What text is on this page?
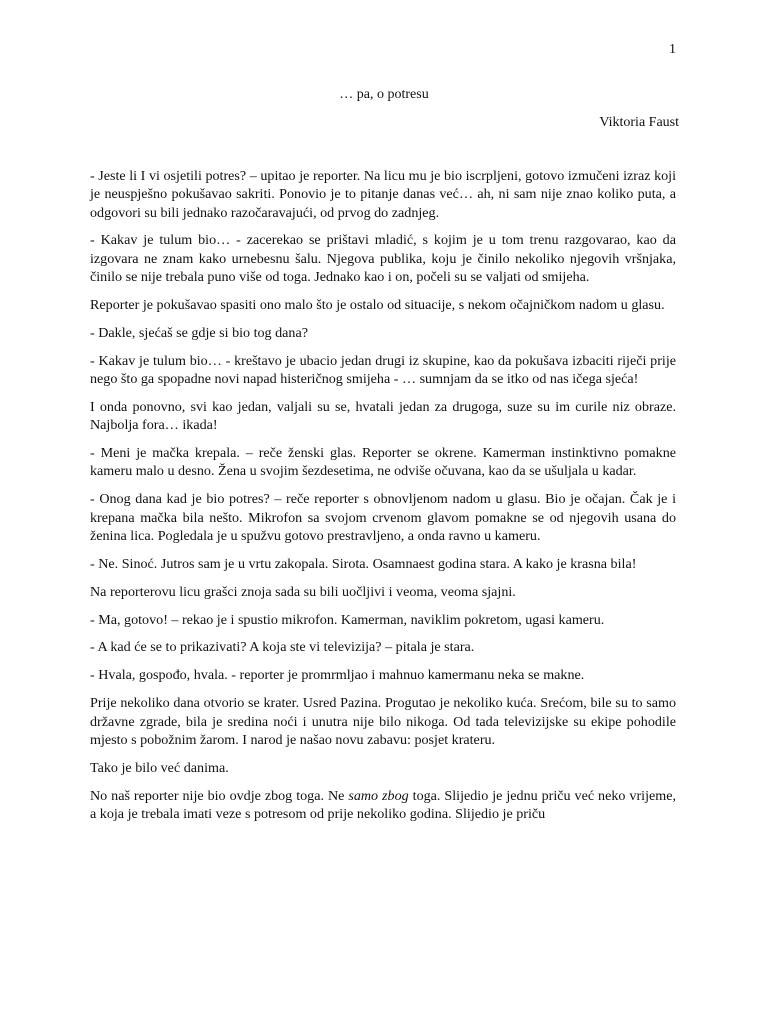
1
… pa, o potresu
Viktoria Faust

- Jeste li I vi osjetili potres? – upitao je reporter. Na licu mu je bio iscrpljeni, gotovo izmučeni izraz koji je neuspješno pokušavao sakriti. Ponovio je to pitanje danas već… ah, ni sam nije znao koliko puta, a odgovori su bili jednako razočaravajući, od prvog do zadnjeg.

- Kakav je tulum bio… - zacerekao se prištavi mladić, s kojim je u tom trenu razgovarao, kao da izgovara ne znam kako urnebesnu šalu. Njegova publika, koju je činilo nekoliko njegovih vršnjaka, činilo se nije trebala puno više od toga. Jednako kao i on, počeli su se valjati od smijeha.

Reporter je pokušavao spasiti ono malo što je ostalo od situacije, s nekom očajničkom nadom u glasu.

- Dakle, sjećaš se gdje si bio tog dana?

- Kakav je tulum bio… - kreštavo je ubacio jedan drugi iz skupine, kao da pokušava izbaciti riječi prije nego što ga spopadne novi napad histeričnog smijeha - … sumnjam da se itko od nas ičega sjeća!

I onda ponovno, svi kao jedan, valjali su se, hvatali jedan za drugoga, suze su im curile niz obraze. Najbolja fora… ikada!

- Meni je mačka krepala. – reče ženski glas. Reporter se okrene. Kamerman instinktivno pomakne kameru malo u desno. Žena u svojim šezdesetima, ne odviše očuvana, kao da se ušuljala u kadar.

- Onog dana kad je bio potres? – reče reporter s obnovljenom nadom u glasu. Bio je očajan. Čak je i krepana mačka bila nešto. Mikrofon sa svojom crvenom glavom pomakne se od njegovih usana do ženina lica. Pogledala je u spužvu gotovo prestravljeno, a onda ravno u kameru.

- Ne. Sinoć. Jutros sam je u vrtu zakopala. Sirota. Osamnaest godina stara. A kako je krasna bila!

Na reporterovu licu grašci znoja sada su bili uočljivi i veoma, veoma sjajni.

- Ma, gotovo! – rekao je i spustio mikrofon. Kamerman, naviklim pokretom, ugasi kameru.

- A kad će se to prikazivati? A koja ste vi televizija? – pitala je stara.

- Hvala, gospođo, hvala. - reporter je promrmljao i mahnuo kamermanu neka se makne.

Prije nekoliko dana otvorio se krater. Usred Pazina. Progutao je nekoliko kuća. Srećom, bile su to samo državne zgrade, bila je sredina noći i unutra nije bilo nikoga. Od tada televizijske su ekipe pohodile mjesto s pobožnim žarom. I narod je našao novu zabavu: posjet krateru.

Tako je bilo već danima.

No naš reporter nije bio ovdje zbog toga. Ne samo zbog toga. Slijedio je jednu priču već neko vrijeme, a koja je trebala imati veze s potresom od prije nekoliko godina. Slijedio je priču
